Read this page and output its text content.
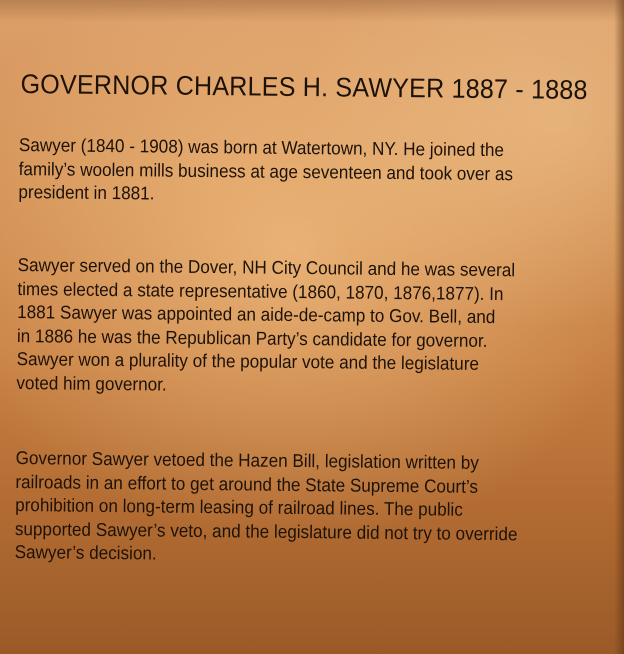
GOVERNOR CHARLES H. SAWYER 1887 - 1888

Sawyer (1840 - 1908) was born at Watertown, NY. He joined the
family’s woolen mills business at age seventeen and took over as
president in 1881.

Sawyer served on the Dover, NH City Council and he was several
times elected a state representative (1860, 1870, 1876,1877). In
1881 Sawyer was appointed an aide-de-camp to Gov. Bell, and
in 1886 he was the Republican Party’s candidate for governor.
Sawyer won a plurality of the popular vote and the legislature
voted him governor.

Governor Sawyer vetoed the Hazen Bill, legislation written by
railroads in an effort to get around the State Supreme Court’s
prohibition on long-term leasing of railroad lines. The public
supported Sawyer’s veto, and the legislature did not try to override
Sawyer’s decision.
